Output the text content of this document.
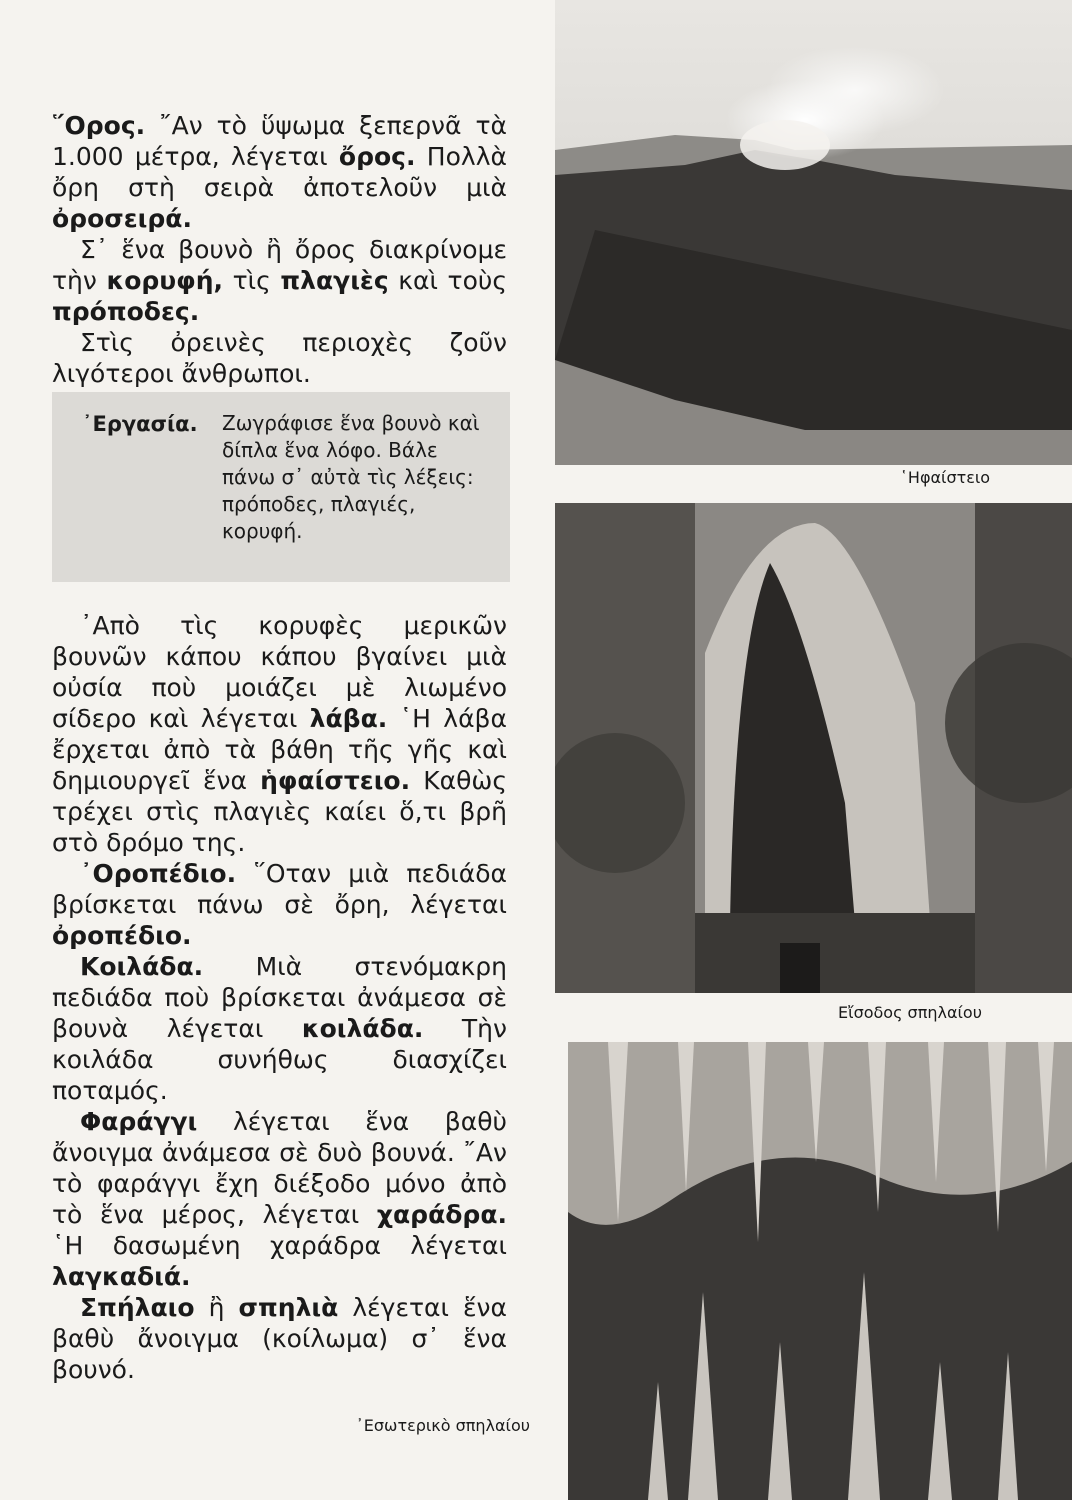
῞Ορος. ῎Αν τὸ ὕψωμα ξεπερνᾶ τὰ 1.000 μέτρα, λέγεται ὄρος. Πολλὰ ὄρη στὴ σειρὰ ἀποτελοῦν μιὰ ὀροσειρά.

Σ᾽ ἕνα βουνὸ ἢ ὄρος διακρίνομε τὴν κορυφή, τὶς πλαγιὲς καὶ τοὺς πρόποδες.

Στὶς ὀρεινὲς περιοχὲς ζοῦν λιγότεροι ἄνθρωποι.

᾿Εργασία. Ζωγράφισε ἕνα βουνὸ καὶ δίπλα ἕνα λόφο. Βάλε πάνω σ᾽ αὐτὰ τὶς λέξεις: πρόποδες, πλαγιές, κορυφή.

᾿Απὸ τὶς κορυφὲς μερικῶν βουνῶν κάπου κάπου βγαίνει μιὰ οὐσία ποὺ μοιάζει μὲ λιωμένο σίδερο καὶ λέγεται λάβα. ῾Η λάβα ἔρχεται ἀπὸ τὰ βάθη τῆς γῆς καὶ δημιουργεῖ ἕνα ἡφαίστειο. Καθὼς τρέχει στὶς πλαγιὲς καίει ὅ,τι βρῆ στὸ δρόμο της.

᾿Οροπέδιο. ῞Οταν μιὰ πεδιάδα βρίσκεται πάνω σὲ ὄρη, λέγεται ὀροπέδιο.

Κοιλάδα. Μιὰ στενόμακρη πεδιάδα ποὺ βρίσκεται ἀνάμεσα σὲ βουνὰ λέγεται κοιλάδα. Τὴν κοιλάδα συνήθως διασχίζει ποταμός.

Φαράγγι λέγεται ἕνα βαθὺ ἄνοιγμα ἀνάμεσα σὲ δυὸ βουνά. ῎Αν τὸ φαράγγι ἔχη διέξοδο μόνο ἀπὸ τὸ ἕνα μέρος, λέγεται χαράδρα. ῾Η δασωμένη χαράδρα λέγεται λαγκαδιά.

Σπήλαιο ἢ σπηλιὰ λέγεται ἕνα βαθὺ ἄνοιγμα (κοίλωμα) σ᾽ ἕνα βουνό.

῾Ηφαίστειο
Εἴσοδος σπηλαίου
᾿Εσωτερικὸ σπηλαίου
